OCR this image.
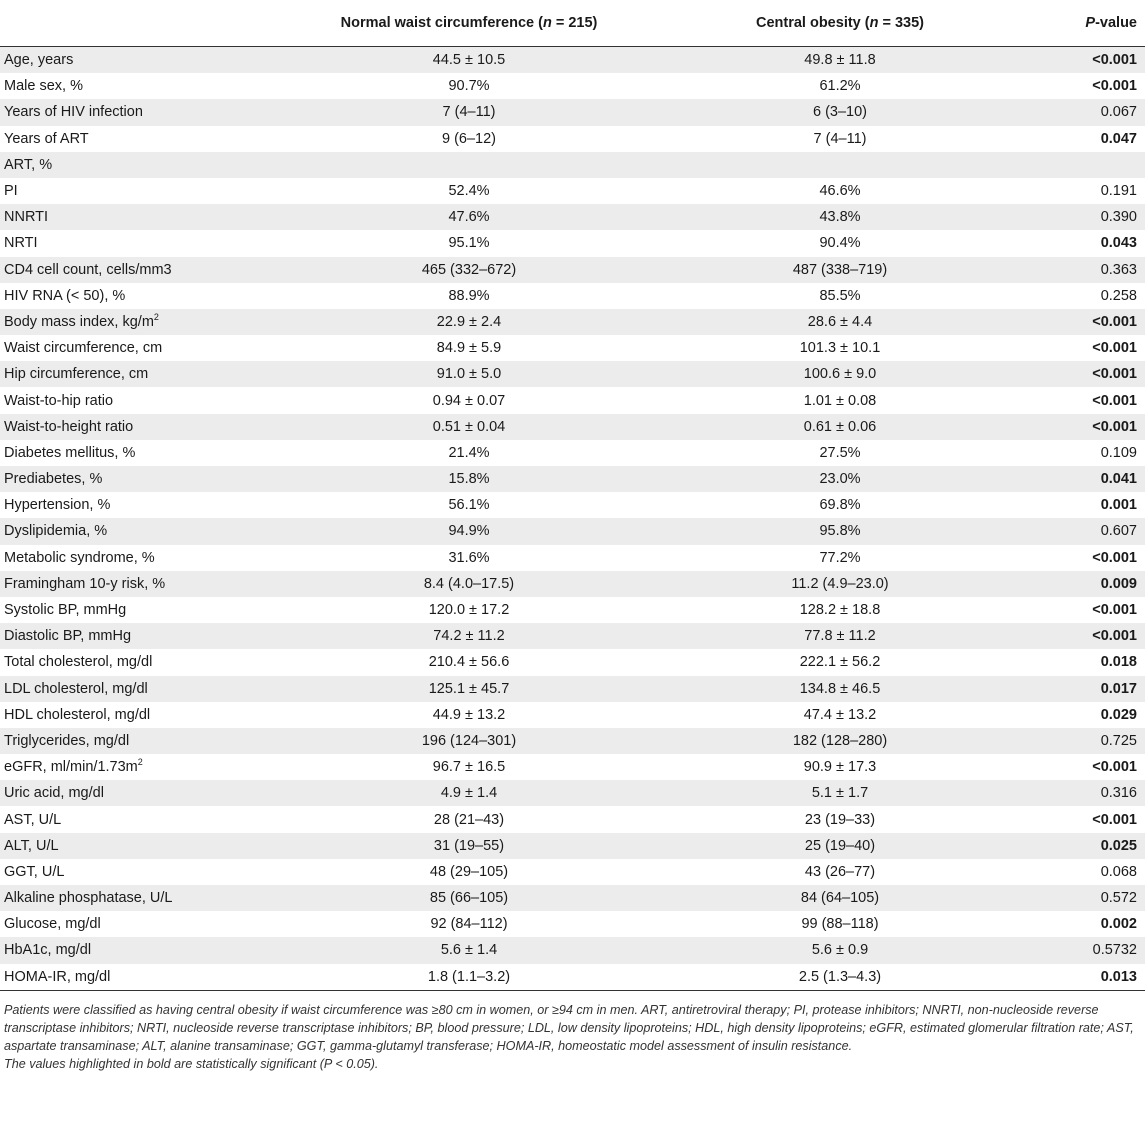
	Normal waist circumference (n = 215)	Central obesity (n = 335)	P-value
Age, years	44.5 ± 10.5	49.8 ± 11.8	<0.001
Male sex, %	90.7%	61.2%	<0.001
Years of HIV infection	7 (4–11)	6 (3–10)	0.067
Years of ART	9 (6–12)	7 (4–11)	0.047
ART, %			
PI	52.4%	46.6%	0.191
NNRTI	47.6%	43.8%	0.390
NRTI	95.1%	90.4%	0.043
CD4 cell count, cells/mm3	465 (332–672)	487 (338–719)	0.363
HIV RNA (< 50), %	88.9%	85.5%	0.258
Body mass index, $kg/m^2$	22.9 ± 2.4	28.6 ± 4.4	<0.001
Waist circumference, cm	84.9 ± 5.9	101.3 ± 10.1	<0.001
Hip circumference, cm	91.0 ± 5.0	100.6 ± 9.0	<0.001
Waist-to-hip ratio	0.94 ± 0.07	1.01 ± 0.08	<0.001
Waist-to-height ratio	0.51 ± 0.04	0.61 ± 0.06	<0.001
Diabetes mellitus, %	21.4%	27.5%	0.109
Prediabetes, %	15.8%	23.0%	0.041
Hypertension, %	56.1%	69.8%	0.001
Dyslipidemia, %	94.9%	95.8%	0.607
Metabolic syndrome, %	31.6%	77.2%	<0.001
Framingham 10-y risk, %	8.4 (4.0–17.5)	11.2 (4.9–23.0)	0.009
Systolic BP, mmHg	120.0 ± 17.2	128.2 ± 18.8	<0.001
Diastolic BP, mmHg	74.2 ± 11.2	77.8 ± 11.2	<0.001
Total cholesterol, mg/dl	210.4 ± 56.6	222.1 ± 56.2	0.018
LDL cholesterol, mg/dl	125.1 ± 45.7	134.8 ± 46.5	0.017
HDL cholesterol, mg/dl	44.9 ± 13.2	47.4 ± 13.2	0.029
Triglycerides, mg/dl	196 (124–301)	182 (128–280)	0.725
eGFR, $ml/\min/1.73m^2$	96.7 ± 16.5	90.9 ± 17.3	<0.001
Uric acid, mg/dl	4.9 ± 1.4	5.1 ± 1.7	0.316
AST, U/L	28 (21–43)	23 (19–33)	<0.001
ALT, U/L	31 (19–55)	25 (19–40)	0.025
GGT, U/L	48 (29–105)	43 (26–77)	0.068
Alkaline phosphatase, U/L	85 (66–105)	84 (64–105)	0.572
Glucose, mg/dl	92 (84–112)	99 (88–118)	0.002
HbA1c, mg/dl	5.6 ± 1.4	5.6 ± 0.9	0.5732
HOMA-IR, mg/dl	1.8 (1.1–3.2)	2.5 (1.3–4.3)	0.013

Patients were classified as having central obesity if waist circumference was ≥80 cm in women, or ≥94 cm in men. ART, antiretroviral therapy; PI, protease inhibitors; NNRTI, non-nucleoside reverse transcriptase inhibitors; NRTI, nucleoside reverse transcriptase inhibitors; BP, blood pressure; LDL, low density lipoproteins; HDL, high density lipoproteins; eGFR, estimated glomerular filtration rate; AST, aspartate transaminase; ALT, alanine transaminase; GGT, gamma-glutamyl transferase; HOMA-IR, homeostatic model assessment of insulin resistance.

The values highlighted in bold are statistically significant (P < 0.05).
